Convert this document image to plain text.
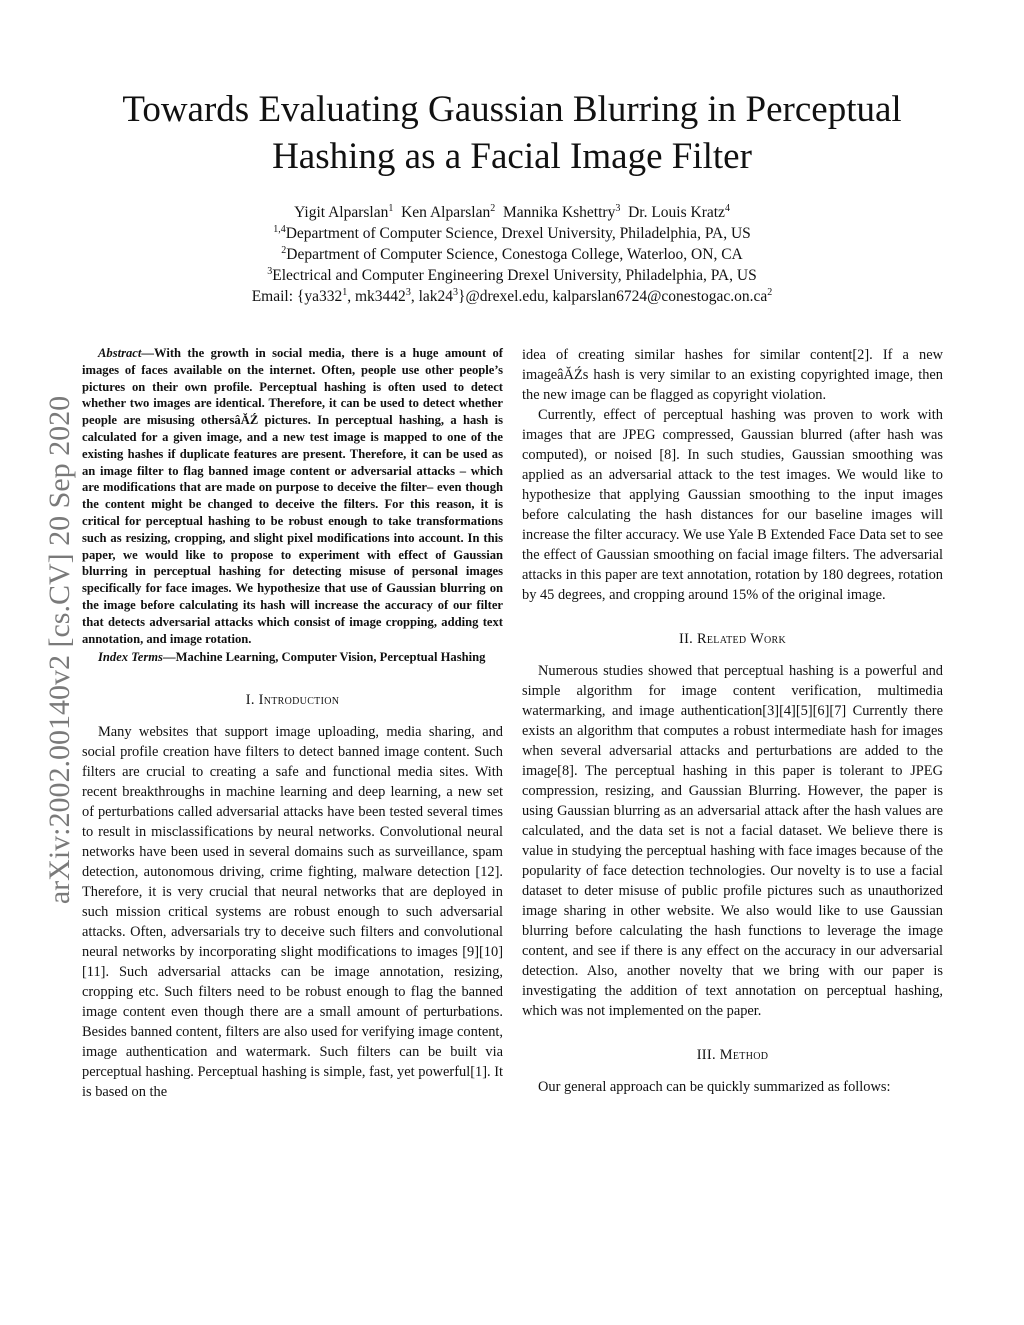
arXiv:2002.00140v2 [cs.CV] 20 Sep 2020
Towards Evaluating Gaussian Blurring in Perceptual
Hashing as a Facial Image Filter
Yigit Alparslan$^1$ Ken Alparslan$^2$ Mannika Kshettry$^3$ Dr. Louis Kratz$^4$
$^{1,4}$Department of Computer Science, Drexel University, Philadelphia, PA, US
$^2$Department of Computer Science, Conestoga College, Waterloo, ON, CA
$^3$Electrical and Computer Engineering Drexel University, Philadelphia, PA, US
Email: {$ya332^1$, mk3442$^3$, $lak24^3\}@drexel.edu$, $kalparslan6724@conestogac.on.ca^2$

Abstract—With the growth in social media, there is a huge amount of images of faces available on the internet. Often, people use other people’s pictures on their own profile. Perceptual hashing is often used to detect whether two images are identical. Therefore, it can be used to detect whether people are misusing othersâĂŹ pictures. In perceptual hashing, a hash is calculated for a given image, and a new test image is mapped to one of the existing hashes if duplicate features are present. Therefore, it can be used as an image filter to flag banned image content or adversarial attacks – which are modifications that are made on purpose to deceive the filter– even though the content might be changed to deceive the filters. For this reason, it is critical for perceptual hashing to be robust enough to take transformations such as resizing, cropping, and slight pixel modifications into account. In this paper, we would like to propose to experiment with effect of Gaussian blurring in perceptual hashing for detecting misuse of personal images specifically for face images. We hypothesize that use of Gaussian blurring on the image before calculating its hash will increase the accuracy of our filter that detects adversarial attacks which consist of image cropping, adding text annotation, and image rotation.

Index Terms—Machine Learning, Computer Vision, Perceptual Hashing

I. Introduction

Many websites that support image uploading, media sharing, and social profile creation have filters to detect banned image content. Such filters are crucial to creating a safe and functional media sites. With recent breakthroughs in machine learning and deep learning, a new set of perturbations called adversarial attacks have been tested several times to result in misclassifications by neural networks. Convolutional neural networks have been used in several domains such as surveillance, spam detection, autonomous driving, crime fighting, malware detection [12]. Therefore, it is very crucial that neural networks that are deployed in such mission critical systems are robust enough to such adversarial attacks. Often, adversarials try to deceive such filters and convolutional neural networks by incorporating slight modifications to images [9][10][11]. Such adversarial attacks can be image annotation, resizing, cropping etc. Such filters need to be robust enough to flag the banned image content even though there are a small amount of perturbations. Besides banned content, filters are also used for verifying image content, image authentication and watermark. Such filters can be built via perceptual hashing. Perceptual hashing is simple, fast, yet powerful[1]. It is based on the

idea of creating similar hashes for similar content[2]. If a new imageâĂŹs hash is very similar to an existing copyrighted image, then the new image can be flagged as copyright violation.

Currently, effect of perceptual hashing was proven to work with images that are JPEG compressed, Gaussian blurred (after hash was computed), or noised [8]. In such studies, Gaussian smoothing was applied as an adversarial attack to the test images. We would like to hypothesize that applying Gaussian smoothing to the input images before calculating the hash distances for our baseline images will increase the filter accuracy. We use Yale B Extended Face Data set to see the effect of Gaussian smoothing on facial image filters. The adversarial attacks in this paper are text annotation, rotation by 180 degrees, rotation by 45 degrees, and cropping around 15% of the original image.

II. Related Work

Numerous studies showed that perceptual hashing is a powerful and simple algorithm for image content verification, multimedia watermarking, and image authentication[3][4][5][6][7] Currently there exists an algorithm that computes a robust intermediate hash for images when several adversarial attacks and perturbations are added to the image[8]. The perceptual hashing in this paper is tolerant to JPEG compression, resizing, and Gaussian Blurring. However, the paper is using Gaussian blurring as an adversarial attack after the hash values are calculated, and the data set is not a facial dataset. We believe there is value in studying the perceptual hashing with face images because of the popularity of face detection technologies. Our novelty is to use a facial dataset to deter misuse of public profile pictures such as unauthorized image sharing in other website. We also would like to use Gaussian blurring before calculating the hash functions to leverage the image content, and see if there is any effect on the accuracy in our adversarial detection. Also, another novelty that we bring with our paper is investigating the addition of text annotation on perceptual hashing, which was not implemented on the paper.

III. Method

Our general approach can be quickly summarized as follows:
